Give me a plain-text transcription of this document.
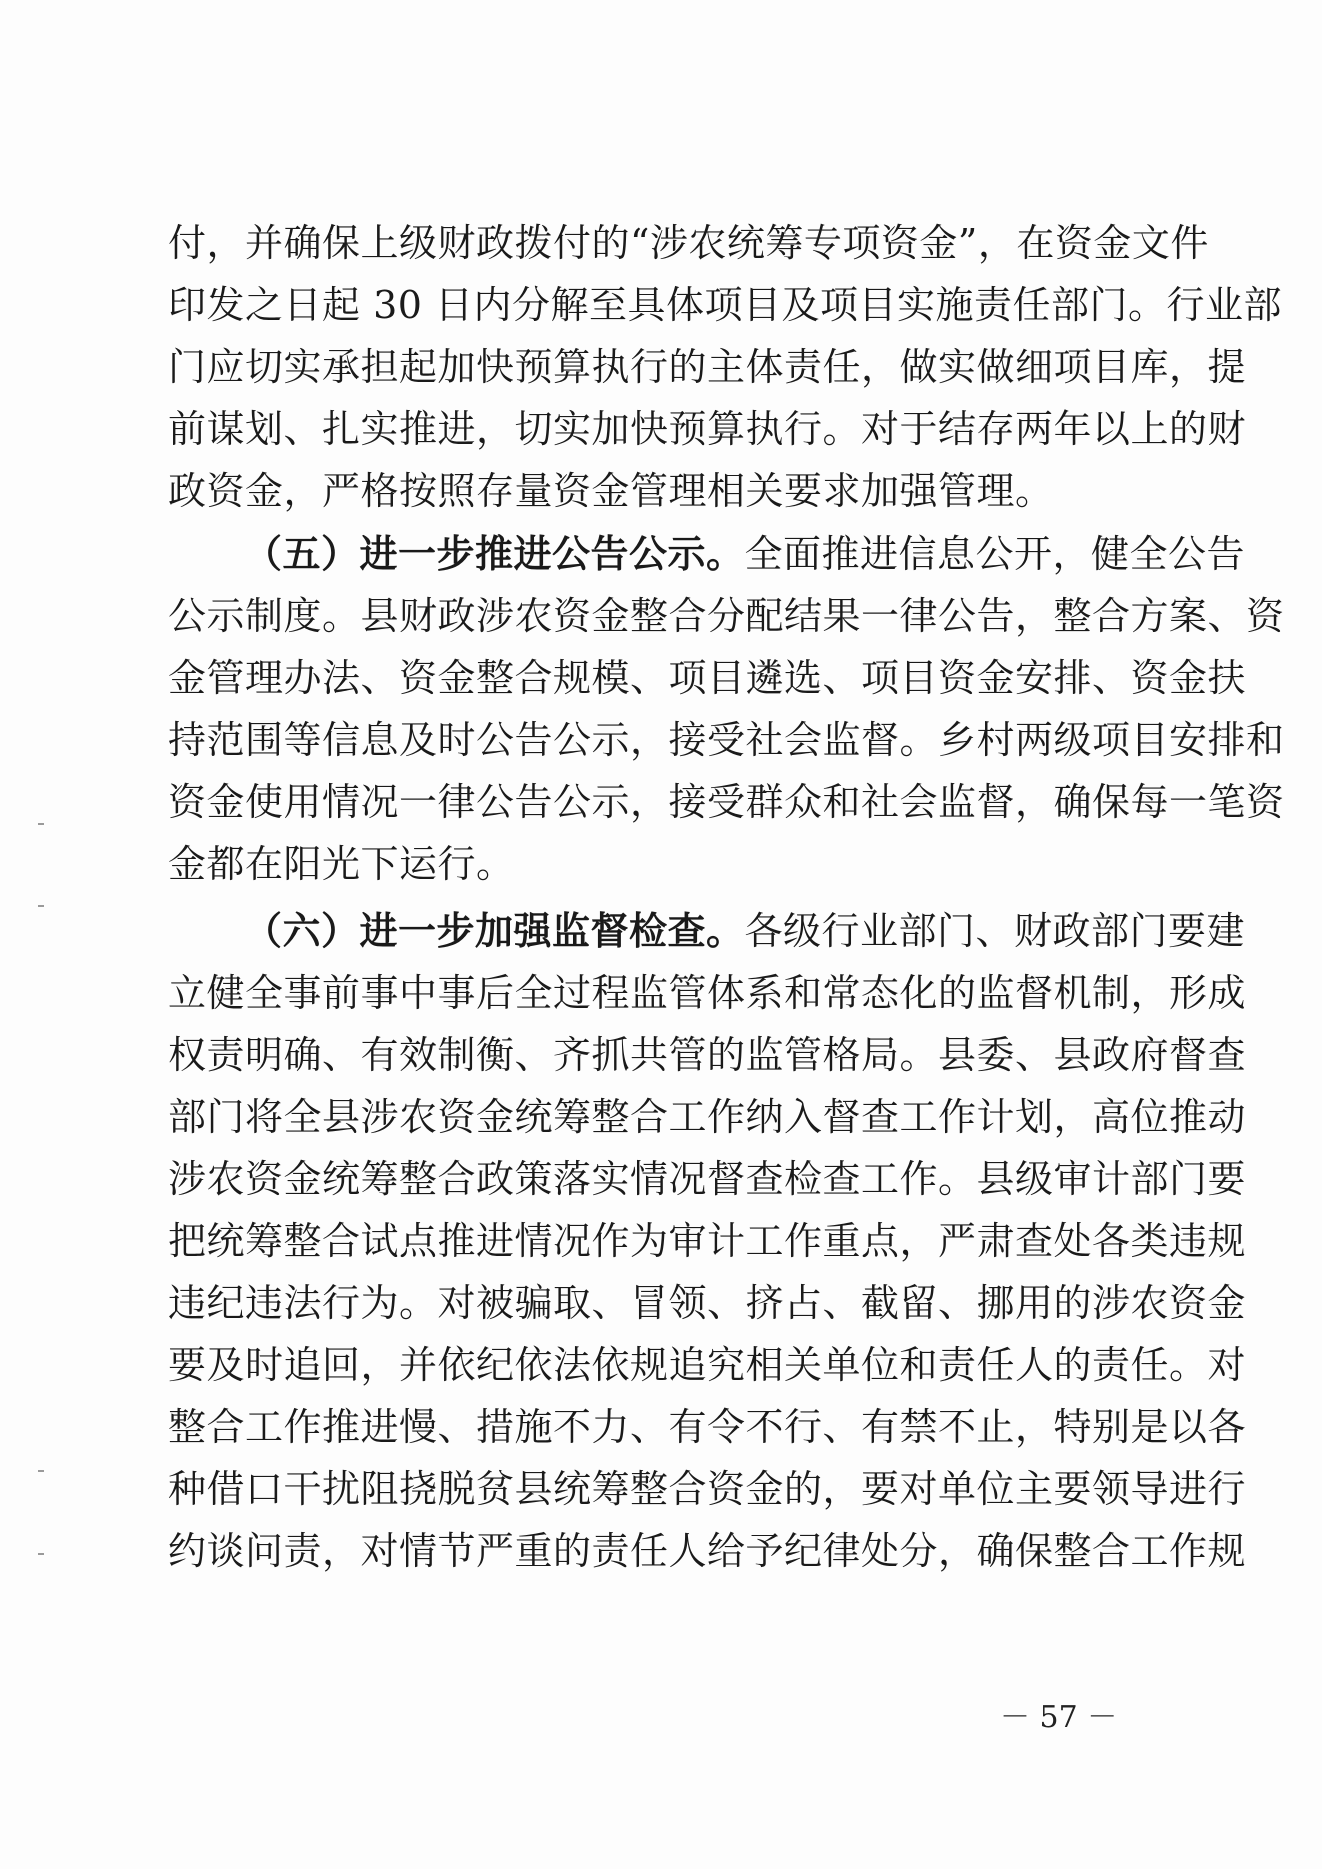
付，并确保上级财政拨付的“涉农统筹专项资金”，在资金文件
印发之日起 30 日内分解至具体项目及项目实施责任部门。行业部
门应切实承担起加快预算执行的主体责任，做实做细项目库，提
前谋划、扎实推进，切实加快预算执行。对于结存两年以上的财
政资金，严格按照存量资金管理相关要求加强管理。
（五）进一步推进公告公示。全面推进信息公开，健全公告
公示制度。县财政涉农资金整合分配结果一律公告，整合方案、资
金管理办法、资金整合规模、项目遴选、项目资金安排、资金扶
持范围等信息及时公告公示，接受社会监督。乡村两级项目安排和
资金使用情况一律公告公示，接受群众和社会监督，确保每一笔资
金都在阳光下运行。
（六）进一步加强监督检查。各级行业部门、财政部门要建
立健全事前事中事后全过程监管体系和常态化的监督机制，形成
权责明确、有效制衡、齐抓共管的监管格局。县委、县政府督查
部门将全县涉农资金统筹整合工作纳入督查工作计划，高位推动
涉农资金统筹整合政策落实情况督查检查工作。县级审计部门要
把统筹整合试点推进情况作为审计工作重点，严肃查处各类违规
违纪违法行为。对被骗取、冒领、挤占、截留、挪用的涉农资金
要及时追回，并依纪依法依规追究相关单位和责任人的责任。对
整合工作推进慢、措施不力、有令不行、有禁不止，特别是以各
种借口干扰阻挠脱贫县统筹整合资金的，要对单位主要领导进行
约谈问责，对情节严重的责任人给予纪律处分，确保整合工作规
－ 57 －
